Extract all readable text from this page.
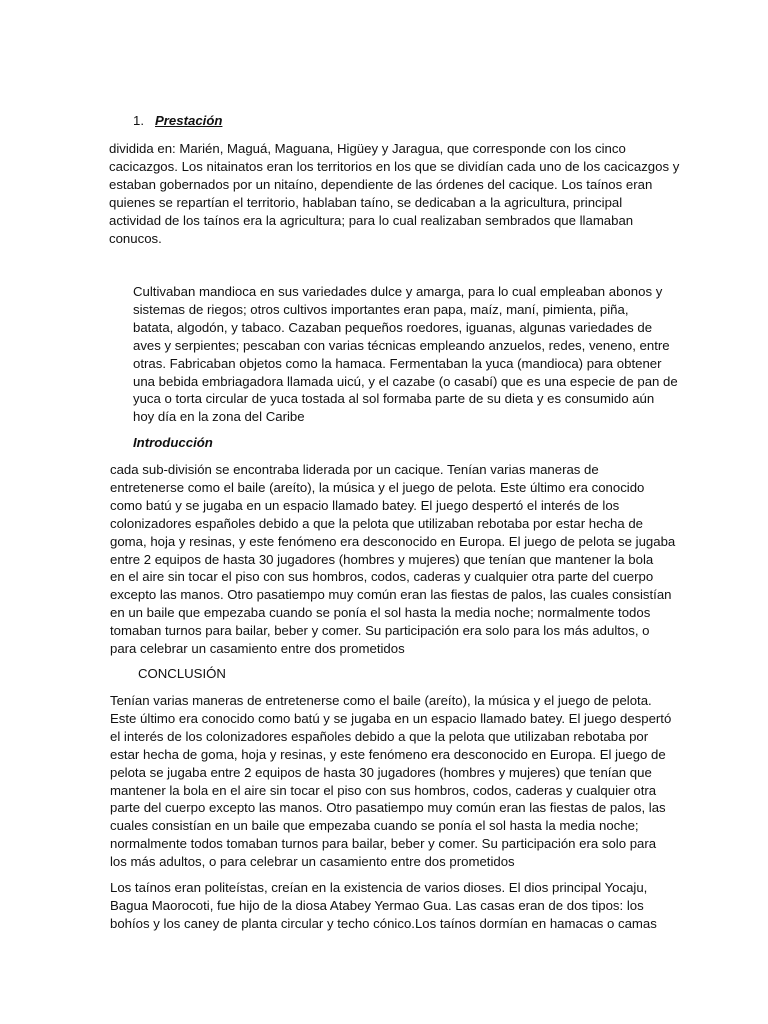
1. Prestación

dividida en: Marién, Maguá, Maguana, Higüey y Jaragua, que corresponde con los cinco
cacicazgos. Los nitainatos eran los territorios en los que se dividían cada uno de los cacicazgos y
estaban gobernados por un nitaíno, dependiente de las órdenes del cacique. Los taínos eran
quienes se repartían el territorio, hablaban taíno, se dedicaban a la agricultura, principal
actividad de los taínos era la agricultura; para lo cual realizaban sembrados que llamaban
conucos.

Cultivaban mandioca en sus variedades dulce y amarga, para lo cual empleaban abonos y
sistemas de riegos; otros cultivos importantes eran papa, maíz, maní, pimienta, piña,
batata, algodón, y tabaco. Cazaban pequeños roedores, iguanas, algunas variedades de
aves y serpientes; pescaban con varias técnicas empleando anzuelos, redes, veneno, entre
otras. Fabricaban objetos como la hamaca. Fermentaban la yuca (mandioca) para obtener
una bebida embriagadora llamada uicú, y el cazabe (o casabí) que es una especie de pan de
yuca o torta circular de yuca tostada al sol formaba parte de su dieta y es consumido aún
hoy día en la zona del Caribe

Introducción

cada sub-división se encontraba liderada por un cacique. Tenían varias maneras de
entretenerse como el baile (areíto), la música y el juego de pelota. Este último era conocido
como batú y se jugaba en un espacio llamado batey. El juego despertó el interés de los
colonizadores españoles debido a que la pelota que utilizaban rebotaba por estar hecha de
goma, hoja y resinas, y este fenómeno era desconocido en Europa. El juego de pelota se jugaba
entre 2 equipos de hasta 30 jugadores (hombres y mujeres) que tenían que mantener la bola
en el aire sin tocar el piso con sus hombros, codos, caderas y cualquier otra parte del cuerpo
excepto las manos. Otro pasatiempo muy común eran las fiestas de palos, las cuales consistían
en un baile que empezaba cuando se ponía el sol hasta la media noche; normalmente todos
tomaban turnos para bailar, beber y comer. Su participación era solo para los más adultos, o
para celebrar un casamiento entre dos prometidos

CONCLUSIÓN

Tenían varias maneras de entretenerse como el baile (areíto), la música y el juego de pelota.
Este último era conocido como batú y se jugaba en un espacio llamado batey. El juego despertó
el interés de los colonizadores españoles debido a que la pelota que utilizaban rebotaba por
estar hecha de goma, hoja y resinas, y este fenómeno era desconocido en Europa. El juego de
pelota se jugaba entre 2 equipos de hasta 30 jugadores (hombres y mujeres) que tenían que
mantener la bola en el aire sin tocar el piso con sus hombros, codos, caderas y cualquier otra
parte del cuerpo excepto las manos. Otro pasatiempo muy común eran las fiestas de palos, las
cuales consistían en un baile que empezaba cuando se ponía el sol hasta la media noche;
normalmente todos tomaban turnos para bailar, beber y comer. Su participación era solo para
los más adultos, o para celebrar un casamiento entre dos prometidos

Los taínos eran politeístas, creían en la existencia de varios dioses. El dios principal Yocaju,
Bagua Maorocoti, fue hijo de la diosa Atabey Yermao Gua. Las casas eran de dos tipos: los
bohíos y los caney de planta circular y techo cónico.Los taínos dormían en hamacas o camas
